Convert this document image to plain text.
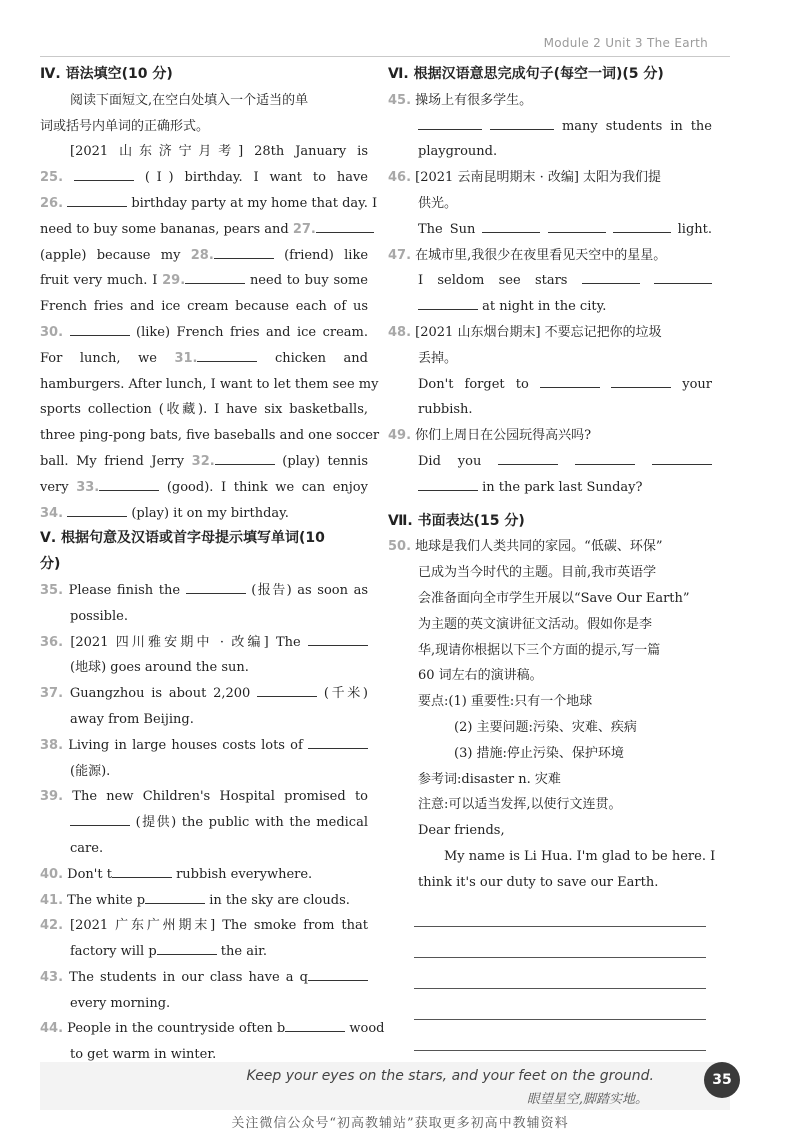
Module 2 Unit 3 The Earth
Ⅳ. 语法填空(10 分)
阅读下面短文,在空白处填入一个适当的单
词或括号内单词的正确形式。
[2021 山东济宁月考] 28th January is
25.	(Ⅰ) birthday. I want to have
26.	birthday party at my home that day. I
need to buy some bananas, pears and 27.
(apple) because my 28.	(friend) like
fruit very much. I 29.	need to buy some
French fries and ice cream because each of us
30.	(like) French fries and ice cream.
For lunch, we 31.	chicken and
hamburgers. After lunch, I want to let them see my
sports collection (收藏). I have six basketballs,
three ping-pong bats, five baseballs and one soccer
ball. My friend Jerry 32.	(play) tennis
very 33.	(good). I think we can enjoy
34.	(play) it on my birthday.
Ⅴ. 根据句意及汉语或首字母提示填写单词(10
分)
35. Please finish the	(报告) as soon as
possible.
36. [2021 四川雅安期中 · 改编] The
(地球) goes around the sun.
37. Guangzhou is about 2,200	(千米)
away from Beijing.
38. Living in large houses costs lots of
(能源).
39. The new Children's Hospital promised to
(提供) the public with the medical
care.
40. Don't t	rubbish everywhere.
41. The white p	in the sky are clouds.
42. [2021 广东广州期末] The smoke from that
factory will p	the air.
43. The students in our class have a q
every morning.
44. People in the countryside often b	wood
to get warm in winter.
Ⅵ. 根据汉语意思完成句子(每空一词)(5 分)
45. 操场上有很多学生。
many students in the
playground.
46. [2021 云南昆明期末 · 改编] 太阳为我们提
供光。
The Sun	light.
47. 在城市里,我很少在夜里看见天空中的星星。
I seldom see stars
at night in the city.
48. [2021 山东烟台期末] 不要忘记把你的垃圾
丢掉。
Don't forget to	your
rubbish.
49. 你们上周日在公园玩得高兴吗?
Did you
in the park last Sunday?
Ⅶ. 书面表达(15 分)
50. 地球是我们人类共同的家园。“低碳、环保”
已成为当今时代的主题。目前,我市英语学
会准备面向全市学生开展以“Save Our Earth”
为主题的英文演讲征文活动。假如你是李
华,现请你根据以下三个方面的提示,写一篇
60 词左右的演讲稿。
要点:(1) 重要性:只有一个地球
(2) 主要问题:污染、灾难、疾病
(3) 措施:停止污染、保护环境
参考词:disaster n. 灾难
注意:可以适当发挥,以使行文连贯。
Dear friends,
My name is Li Hua. I'm glad to be here. I
think it's our duty to save our Earth.
Keep your eyes on the stars, and your feet on the ground.
眼望星空,脚踏实地。
35
关注微信公众号“初高教辅站”获取更多初高中教辅资料
